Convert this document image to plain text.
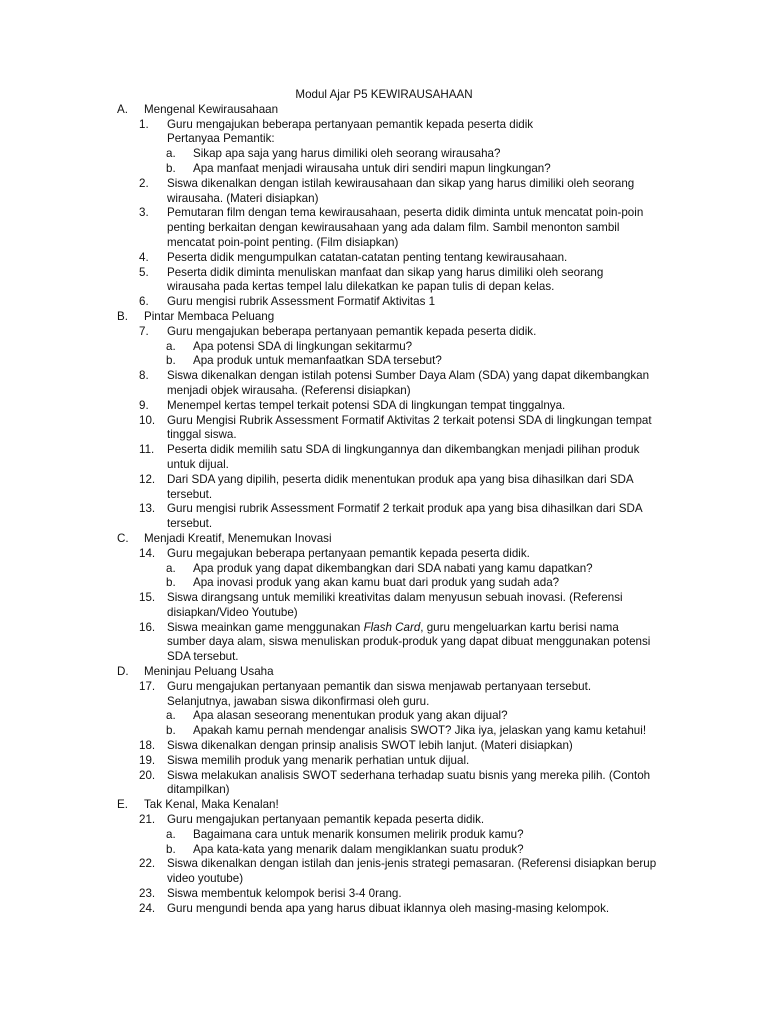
Modul Ajar P5 KEWIRAUSAHAAN
A. Mengenal Kewirausahaan
1.	Guru mengajukan beberapa pertanyaan pemantik kepada peserta didik
Pertanyaa Pemantik:
a. Sikap apa saja yang harus dimiliki oleh seorang wirausaha?
b. Apa manfaat menjadi wirausaha untuk diri sendiri mapun lingkungan?
2.	Siswa dikenalkan dengan istilah kewirausahaan dan sikap yang harus dimiliki oleh seorang wirausaha. (Materi disiapkan)
3.	Pemutaran film dengan tema kewirausahaan, peserta didik diminta untuk mencatat poin-poin penting berkaitan dengan kewirausahaan yang ada dalam film. Sambil menonton sambil mencatat poin-point penting. (Film disiapkan)
4.	Peserta didik mengumpulkan catatan-catatan penting tentang kewirausahaan.
5.	Peserta didik diminta menuliskan manfaat dan sikap yang harus dimiliki oleh seorang wirausaha pada kertas tempel lalu dilekatkan ke papan tulis di depan kelas.
6.	Guru mengisi rubrik Assessment Formatif Aktivitas 1
B. Pintar Membaca Peluang
7.	Guru mengajukan beberapa pertanyaan pemantik kepada peserta didik.
a. Apa potensi SDA di lingkungan sekitarmu?
b. Apa produk untuk memanfaatkan SDA tersebut?
8.	Siswa dikenalkan dengan istilah potensi Sumber Daya Alam (SDA) yang dapat dikembangkan menjadi objek wirausaha. (Referensi disiapkan)
9.	Menempel kertas tempel terkait potensi SDA di lingkungan tempat tinggalnya.
10. Guru Mengisi Rubrik Assessment Formatif Aktivitas 2 terkait potensi SDA di lingkungan tempat tinggal siswa.
11. Peserta didik memilih satu SDA di lingkungannya dan dikembangkan menjadi pilihan produk untuk dijual.
12. Dari SDA yang dipilih, peserta didik menentukan produk apa yang bisa dihasilkan dari SDA tersebut.
13. Guru mengisi rubrik Assessment Formatif 2 terkait produk apa yang bisa dihasilkan dari SDA tersebut.
C. Menjadi Kreatif, Menemukan Inovasi
14. Guru megajukan beberapa pertanyaan pemantik kepada peserta didik.
a. Apa produk yang dapat dikembangkan dari SDA nabati yang kamu dapatkan?
b. Apa inovasi produk yang akan kamu buat dari produk yang sudah ada?
15. Siswa dirangsang untuk memiliki kreativitas dalam menyusun sebuah inovasi. (Referensi disiapkan/Video Youtube)
16. Siswa meainkan game menggunakan Flash Card, guru mengeluarkan kartu berisi nama sumber daya alam, siswa menuliskan produk-produk yang dapat dibuat menggunakan potensi SDA tersebut.
D. Meninjau Peluang Usaha
17. Guru mengajukan pertanyaan pemantik dan siswa menjawab pertanyaan tersebut.
Selanjutnya, jawaban siswa dikonfirmasi oleh guru.
a. Apa alasan seseorang menentukan produk yang akan dijual?
b. Apakah kamu pernah mendengar analisis SWOT? Jika iya, jelaskan yang kamu ketahui!
18. Siswa dikenalkan dengan prinsip analisis SWOT lebih lanjut. (Materi disiapkan)
19. Siswa memilih produk yang menarik perhatian untuk dijual.
20. Siswa melakukan analisis SWOT sederhana terhadap suatu bisnis yang mereka pilih. (Contoh ditampilkan)
E. Tak Kenal, Maka Kenalan!
21. Guru mengajukan pertanyaan pemantik kepada peserta didik.
a. Bagaimana cara untuk menarik konsumen melirik produk kamu?
b. Apa kata-kata yang menarik dalam mengiklankan suatu produk?
22. Siswa dikenalkan dengan istilah dan jenis-jenis strategi pemasaran. (Referensi disiapkan berup video youtube)
23. Siswa membentuk kelompok berisi 3-4 0rang.
24. Guru mengundi benda apa yang harus dibuat iklannya oleh masing-masing kelompok.
